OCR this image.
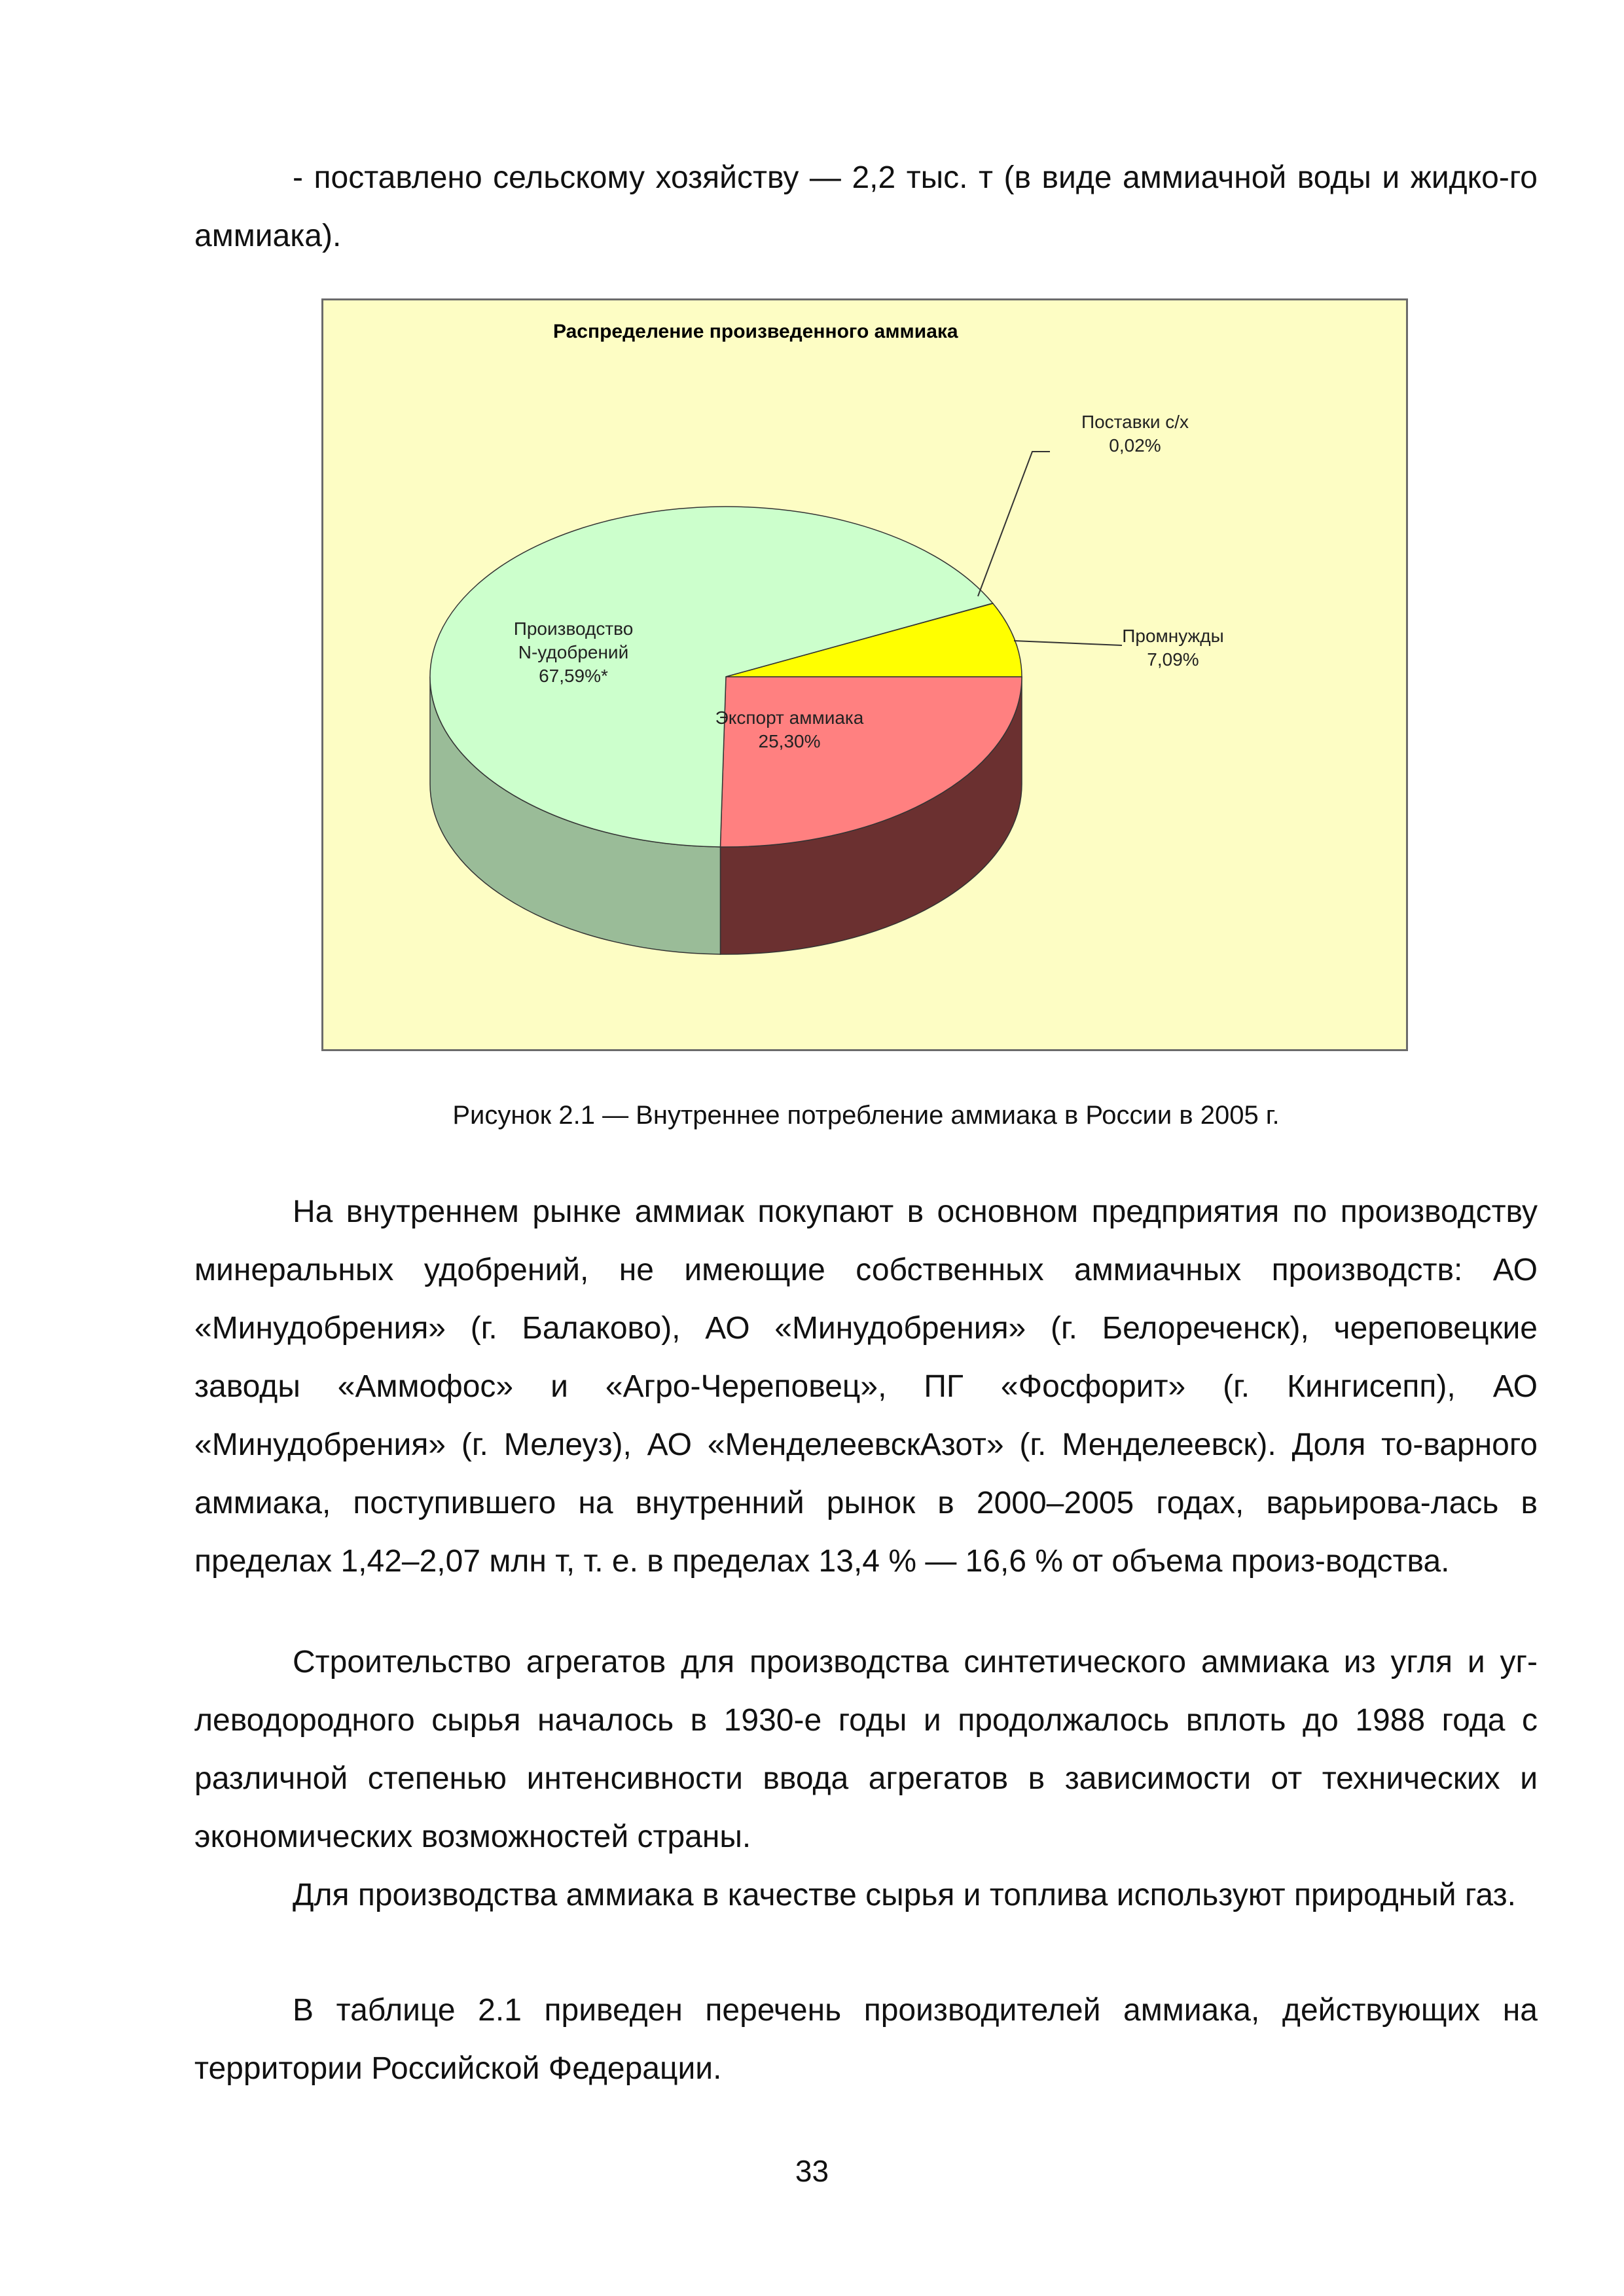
- поставлено сельскому хозяйству — 2,2 тыс. т (в виде аммиачной воды и жидко-го аммиака).

Распределение произведенного аммиака
Производство
N-удобрений
67,59%*
Экспорт аммиака
25,30%
Поставки с/х
0,02%
Промнужды
7,09%
Рисунок 2.1 — Внутреннее потребление аммиака в России в 2005 г.

На внутреннем рынке аммиак покупают в основном предприятия по производству минеральных удобрений, не имеющие собственных аммиачных производств: АО «Минудобрения» (г. Балаково), АО «Минудобрения» (г. Белореченск), череповецкие заводы «Аммофос» и «Агро-Череповец», ПГ «Фосфорит» (г. Кингисепп), АО «Минудобрения» (г. Мелеуз), АО «МенделеевскАзот» (г. Менделеевск). Доля то-варного аммиака, поступившего на внутренний рынок в 2000–2005 годах, варьирова-лась в пределах 1,42–2,07 млн т, т. е. в пределах 13,4 % — 16,6 % от объема произ-водства.

Строительство агрегатов для производства синтетического аммиака из угля и уг-леводородного сырья началось в 1930-е годы и продолжалось вплоть до 1988 года с различной степенью интенсивности ввода агрегатов в зависимости от технических и экономических возможностей страны.

Для производства аммиака в качестве сырья и топлива используют природный газ.

В таблице 2.1 приведен перечень производителей аммиака, действующих на территории Российской Федерации.

33
